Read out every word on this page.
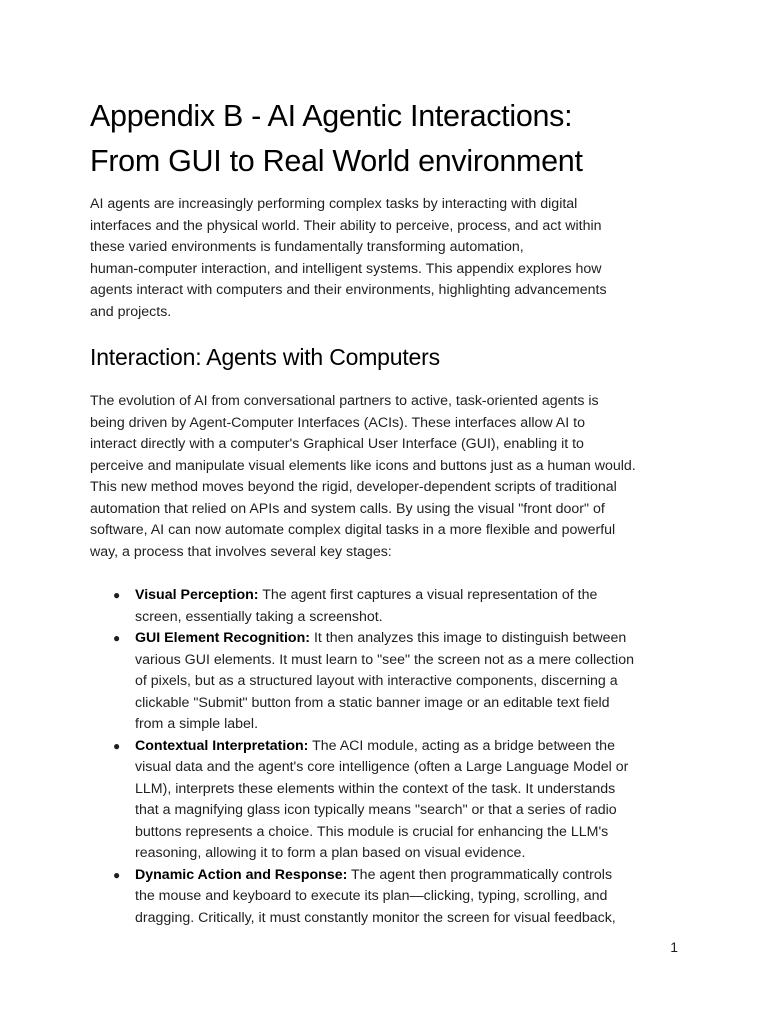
Appendix B - AI Agentic Interactions:
From GUI to Real World environment

AI agents are increasingly performing complex tasks by interacting with digital
interfaces and the physical world. Their ability to perceive, process, and act within
these varied environments is fundamentally transforming automation,
human-computer interaction, and intelligent systems. This appendix explores how
agents interact with computers and their environments, highlighting advancements
and projects.

Interaction: Agents with Computers

The evolution of AI from conversational partners to active, task-oriented agents is
being driven by Agent-Computer Interfaces (ACIs). These interfaces allow AI to
interact directly with a computer's Graphical User Interface (GUI), enabling it to
perceive and manipulate visual elements like icons and buttons just as a human would.
This new method moves beyond the rigid, developer-dependent scripts of traditional
automation that relied on APIs and system calls. By using the visual "front door" of
software, AI can now automate complex digital tasks in a more flexible and powerful
way, a process that involves several key stages:

● Visual Perception: The agent first captures a visual representation of the
screen, essentially taking a screenshot.
● GUI Element Recognition: It then analyzes this image to distinguish between
various GUI elements. It must learn to "see" the screen not as a mere collection
of pixels, but as a structured layout with interactive components, discerning a
clickable "Submit" button from a static banner image or an editable text field
from a simple label.
● Contextual Interpretation: The ACI module, acting as a bridge between the
visual data and the agent's core intelligence (often a Large Language Model or
LLM), interprets these elements within the context of the task. It understands
that a magnifying glass icon typically means "search" or that a series of radio
buttons represents a choice. This module is crucial for enhancing the LLM's
reasoning, allowing it to form a plan based on visual evidence.
● Dynamic Action and Response: The agent then programmatically controls
the mouse and keyboard to execute its plan—clicking, typing, scrolling, and
dragging. Critically, it must constantly monitor the screen for visual feedback,
1
